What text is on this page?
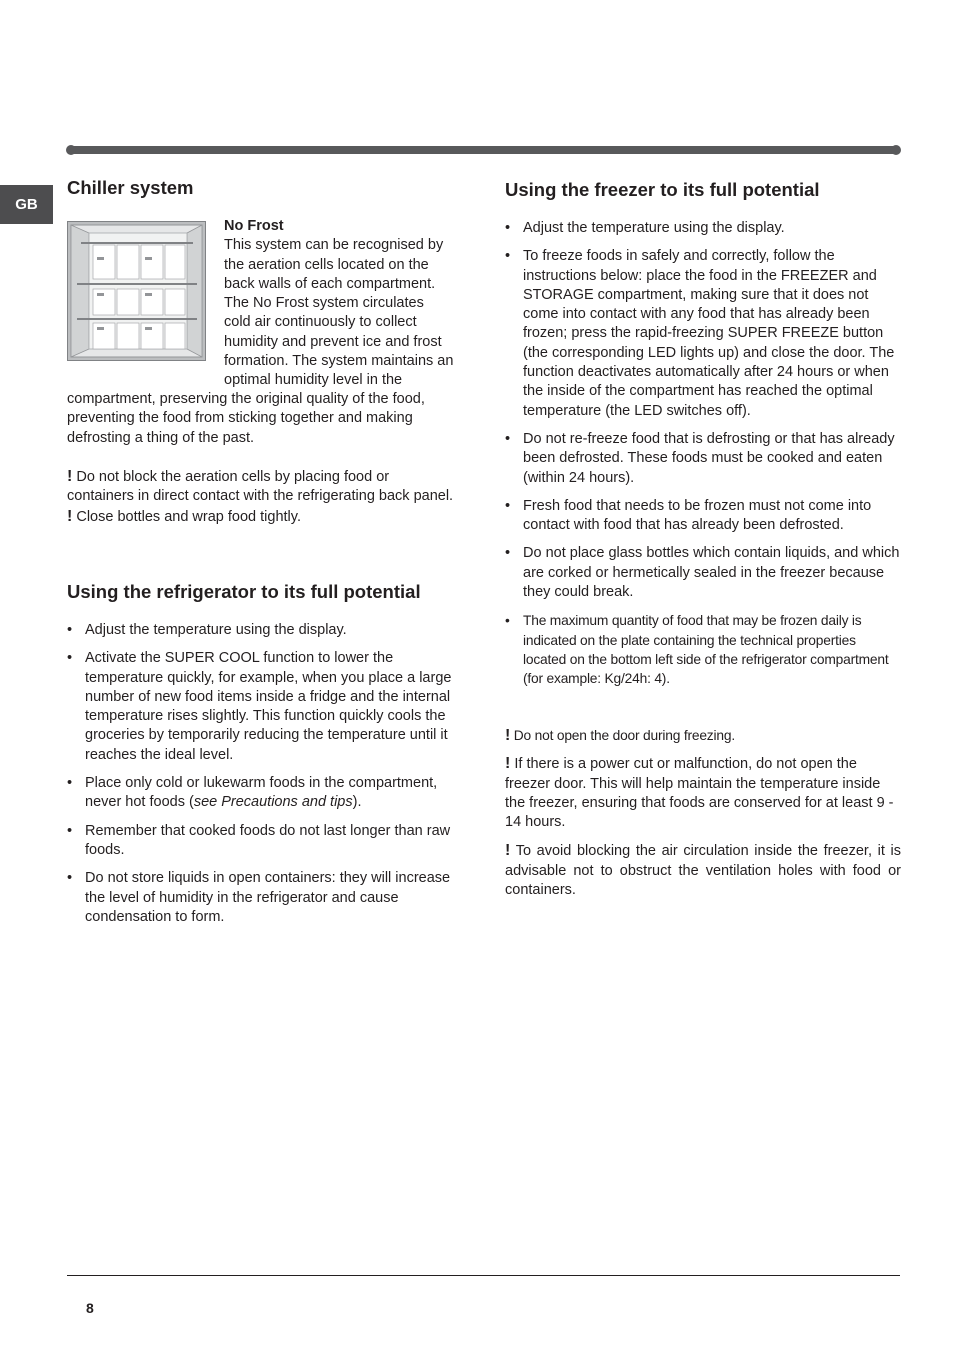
GB
Chiller system

No Frost

This system can be recognised by

the aeration cells located on the

back walls of each compartment.

The No Frost system circulates

cold air continuously to collect

humidity and prevent ice and frost

formation. The system maintains an

optimal humidity level in the

compartment, preserving the original quality of the food, preventing the food from sticking together and making defrosting a thing of the past.

! Do not block the aeration cells by placing food or containers in direct contact with the refrigerating back panel.

! Close bottles and wrap food tightly.

Using the refrigerator to its full potential
• Adjust the temperature using the display.
• Activate the SUPER COOL function to lower the temperature quickly, for example, when you place a large number of new food items inside a fridge and the internal temperature rises slightly. This function quickly cools the groceries by temporarily reducing the temperature until it reaches the ideal level.
• Place only cold or lukewarm foods in the compartment, never hot foods (see Precautions and tips).
• Remember that cooked foods do not last longer than raw foods.
• Do not store liquids in open containers: they will increase the level of humidity in the refrigerator and cause condensation to form.
Using the freezer to its full potential
• Adjust the temperature using the display.
• To freeze foods in safely and correctly, follow the instructions below: place the food in the FREEZER and STORAGE compartment, making sure that it does not come into contact with any food that has already been frozen; press the rapid-freezing SUPER FREEZE button (the corresponding LED lights up) and close the door. The function deactivates automatically after 24 hours or when the inside of the compartment has reached the optimal temperature (the LED switches off).
• Do not re-freeze food that is defrosting or that has already been defrosted. These foods must be cooked and eaten (within 24 hours).
• Fresh food that needs to be frozen must not come into contact with food that has already been defrosted.
• Do not place glass bottles which contain liquids, and which are corked or hermetically sealed in the freezer because they could break.
• The maximum quantity of food that may be frozen daily is indicated on the plate containing the technical properties located on the bottom left side of the refrigerator compartment (for example: Kg/24h: 4).

! Do not open the door during freezing.

! If there is a power cut or malfunction, do not open the freezer door. This will help maintain the temperature inside the freezer, ensuring that foods are conserved for at least 9 - 14 hours.

! To avoid blocking the air circulation inside the freezer, it is advisable not to obstruct the ventilation holes with food or containers.

8
